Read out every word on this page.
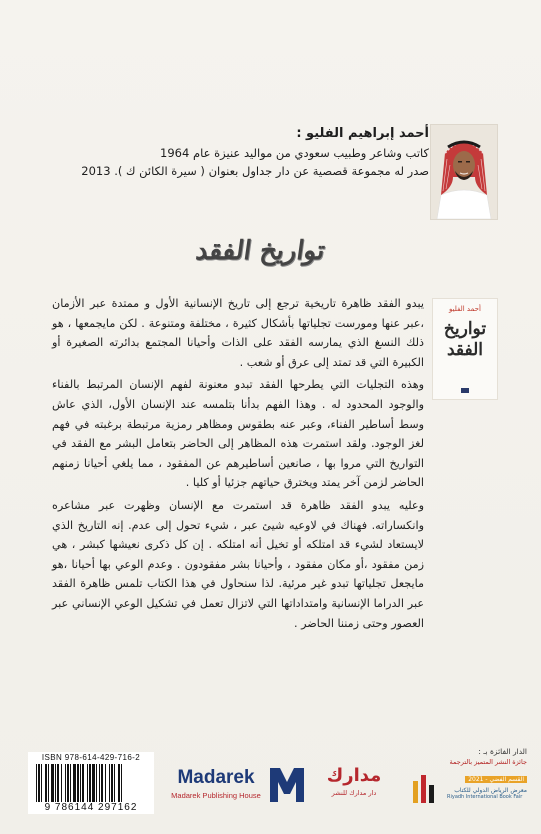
أحمد إبراهيم الفليو :
كاتب وشاعر وطبيب سعودي من مواليد عنيزة عام 1964
صدر له مجموعة قصصية عن دار جداول بعنوان ( سيرة الكائن ك ). 2013
تواريخ الفقد
أحمد الفليو
تواريخ
الفقد

يبدو الفقد ظاهرة تاريخية ترجع إلى تاريخ الإنسانية الأول و ممتدة عبر الأزمان ،عبر عنها ومورست تجلياتها بأشكال كثيرة ، مختلفة ومتنوعة . لكن مايجمعها ، هو ذلك النسغ الذي يمارسه الفقد على الذات وأحيانا المجتمع بدائرته الصغيرة أو الكبيرة التي قد تمتد إلى عرق أو شعب .

وهذه التجليات التي يطرحها الفقد تبدو معنونة لفهم الإنسان المرتبط بالفناء والوجود المحدود له . وهذا الفهم بدأنا بتلمسه عند الإنسان الأول، الذي عاش وسط أساطير الفناء، وعبر عنه بطقوس ومظاهر رمزية مرتبطة برغبته في فهم لغز الوجود. ولقد استمرت هذه المظاهر إلى الحاضر بتعامل البشر مع الفقد في التواريخ التي مروا بها ، صانعين أساطيرهم عن المفقود ، مما يلغي أحيانا زمنهم الحاضر لزمن آخر يمتد ويخترق حياتهم جزئيا أو كليا .

وعليه يبدو الفقد ظاهرة قد استمرت مع الإنسان وظهرت عبر مشاعره وانكساراته. فهناك في لاوعيه شيئ عبر ، شيء تحول إلى عدم. إنه التاريخ الذي لايستعاد لشيء قد امتلكه أو تخيل أنه امتلكه . إن كل ذكرى نعيشها كبشر ، هي زمن مفقود ،أو مكان مفقود ، وأحيانا بشر مفقودون . وعدم الوعي بها أحيانا ،هو مايجعل تجلياتها تبدو غير مرئية. لذا سنحاول في هذا الكتاب تلمس ظاهرة الفقد عبر الدراما الإنسانية وامتداداتها التي لاتزال تعمل في تشكيل الوعي الإنساني عبر العصور وحتى زمننا الحاضر .

الدار الفائزة بـ :
جائزة النشر المتميز بالترجمة
القسم الفضي - 2021
معرض الرياض الدولي للكتاب
Riyadh International Book Fair
مدارك
دار مدارك للنشر
Madarek
Madarek Publishing House
ISBN 978-614-429-716-2
9 786144 297162
